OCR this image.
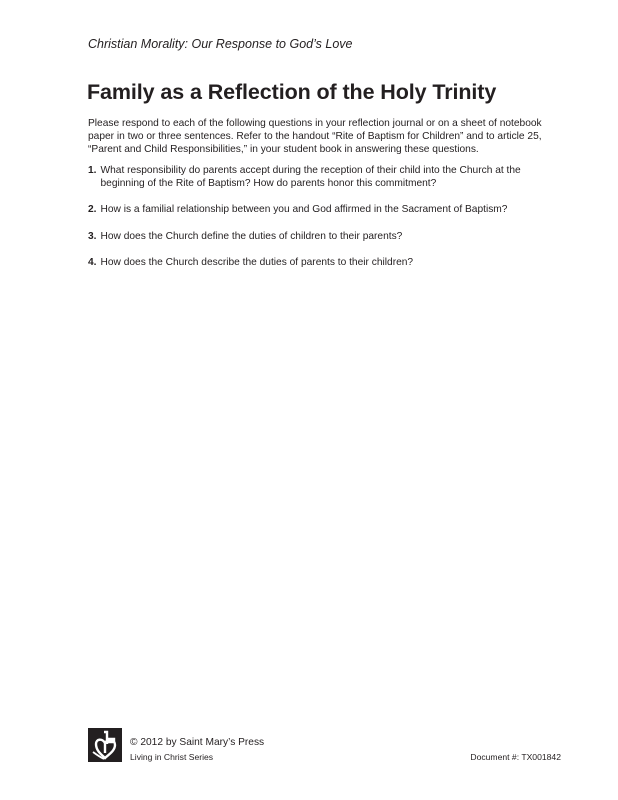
Christian Morality: Our Response to God’s Love
Family as a Reflection of the Holy Trinity

Please respond to each of the following questions in your reflection journal or on a sheet of notebook paper in two or three sentences. Refer to the handout “Rite of Baptism for Children” and to article 25, “Parent and Child Responsibilities,” in your student book in answering these questions.

1. What responsibility do parents accept during the reception of their child into the Church at the beginning of the Rite of Baptism? How do parents honor this commitment?
2. How is a familial relationship between you and God affirmed in the Sacrament of Baptism?
3. How does the Church define the duties of children to their parents?
4. How does the Church describe the duties of parents to their children?
© 2012 by Saint Mary’s Press
Living in Christ Series	Document #: TX001842
